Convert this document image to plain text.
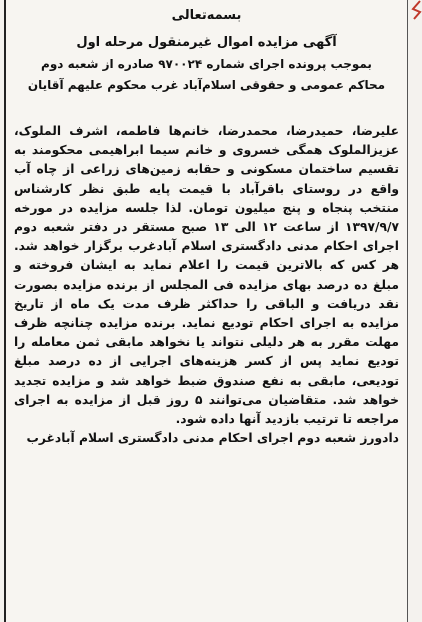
بسمه‌تعالی
آگهی مزایده اموال غیرمنقول مرحله اول
بموجب پرونده اجرای شماره ۹۷۰۰۲۴ صادره از شعبه دوم
محاکم عمومی و حقوقی اسلام‌آباد غرب محکوم علیهم آقایان

علیرضا، حمیدرضا، محمدرضا، خانم‌ها فاطمه، اشرف الملوک، عزیزالملوک همگی خسروی و خانم سیما ابراهیمی محکومند به تقسیم ساختمان مسکونی و حقابه زمین‌های زراعی از چاه آب واقع در روستای باقرآباد با قیمت پایه طبق نظر کارشناس منتخب پنجاه و پنج میلیون تومان. لذا جلسه مزایده در مورخه ۱۳۹۷/۹/۷ از ساعت ۱۲ الی ۱۳ صبح مستقر در دفتر شعبه دوم اجرای احکام مدنی دادگستری اسلام آبادغرب برگزار خواهد شد. هر کس که بالاترین قیمت را اعلام نماید به ایشان فروخته و مبلغ ده درصد بهای مزایده فی المجلس از برنده مزایده بصورت نقد دریافت و الباقی را حداکثر ظرف مدت یک ماه از تاریخ مزایده به اجرای احکام تودیع نماید. برنده مزایده چنانچه ظرف مهلت مقرر به هر دلیلی نتواند یا نخواهد مابقی ثمن معامله را تودیع نماید پس از کسر هزینه‌های اجرایی از ده درصد مبلغ تودیعی، مابقی به نفع صندوق ضبط خواهد شد و مزایده تجدید خواهد شد. متقاضیان می‌توانند ۵ روز قبل از مزایده به اجرای مراجعه تا ترتیب بازدید آنها داده شود.

دادورز شعبه دوم اجرای احکام مدنی دادگستری اسلام آبادغرب
